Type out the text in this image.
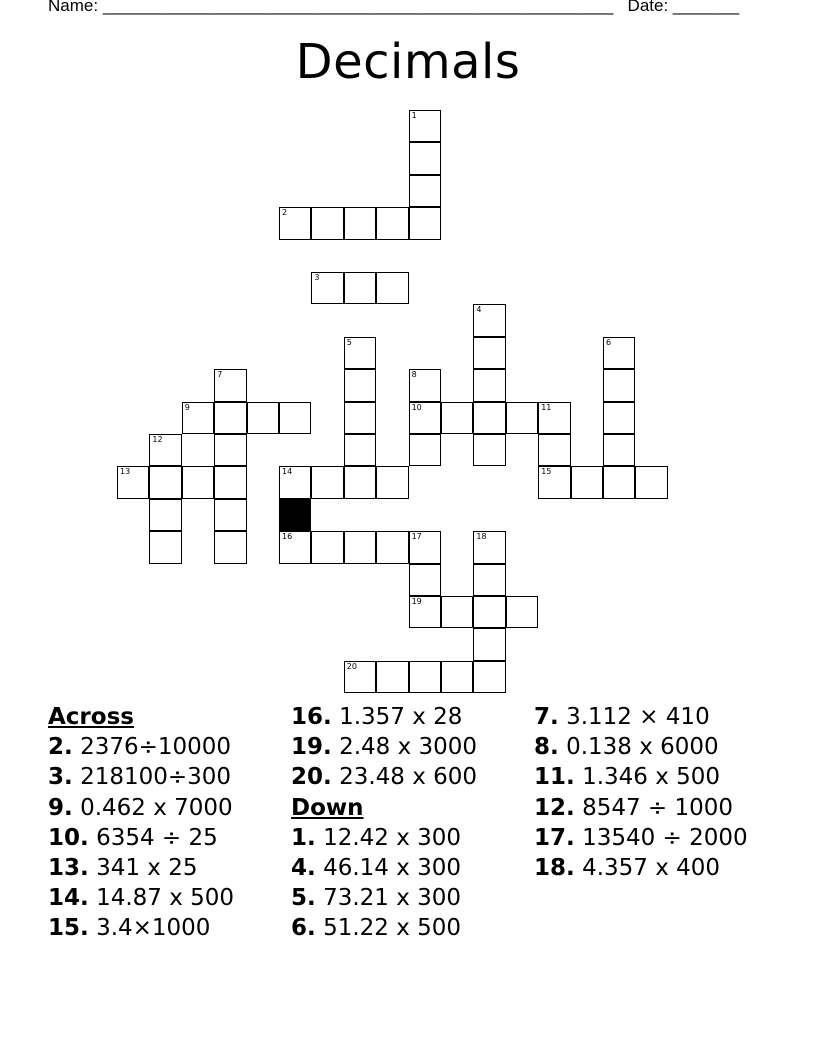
Name: ______________________________________________________ Date: _______
Decimals
1
2
3
4
5	6
7	8
9	10	11
12
13	14	15
16	17	18
19
20
Across
2. 2376÷10000
3. 218100÷300
9. 0.462 x 7000
10. 6354 ÷ 25
13. 341 x 25
14. 14.87 x 500
15. 3.4×1000
16. 1.357 x 28
19. 2.48 x 3000
20. 23.48 x 600
Down
1. 12.42 x 300
4. 46.14 x 300
5. 73.21 x 300
6. 51.22 x 500
7. 3.112 × 410
8. 0.138 x 6000
11. 1.346 x 500
12. 8547 ÷ 1000
17. 13540 ÷ 2000
18. 4.357 x 400
